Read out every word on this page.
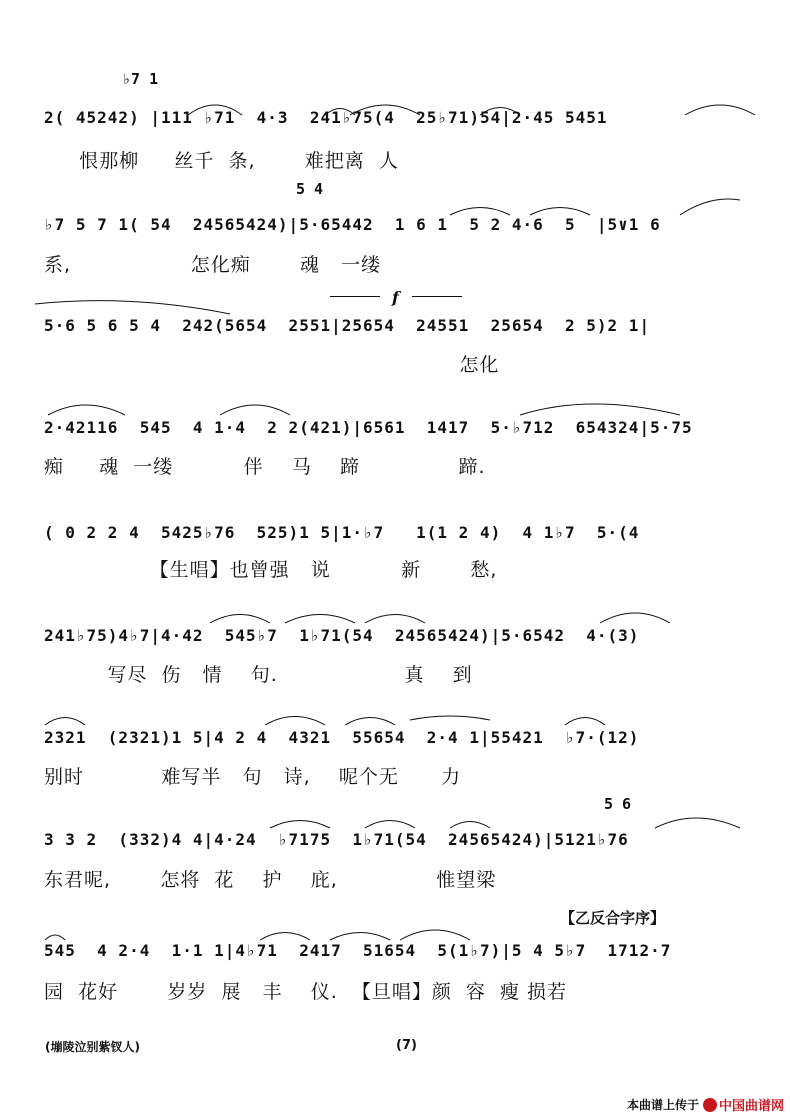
♭7 1
2( 45242) |111 ♭71  4·3  241♭75(4  25♭71)54|2·45 5451
恨那柳     丝千  条,       难把离  人
5 4
♭7 5 7 1( 54  24565424)|5·65442  1 6 1  5 2 4·6  5  |5∨1 6
系,                 怎化痴       魂   一缕
f
5·6 5 6 5 4  242(5654  2551|25654  24551  25654  2 5)2 1|
怎化
2·42116  545  4 1·4  2 2(421)|6561  1417  5·♭712  654324|5·75
痴     魂  一缕          伴    马    蹄              蹄.
( 0 2 2 4  5425♭76  525)1 5|1·♭7   1(1 2 4)  4 1♭7  5·(4
【生唱】也曾强   说          新       愁,
241♭75)4♭7|4·42  545♭7  1♭71(54  24565424)|5·6542  4·(3)
写尽  伤   情    句.                  真    到
2321  (2321)1 5|4 2 4  4321  55654  2·4 1|55421  ♭7·(12)
别时           难写半   句   诗,    呢个无      力
5 6
3 3 2  (332)4 4|4·24  ♭7175  1♭71(54  24565424)|5121♭76
东君呢,       怎将  花    护    庇,              惟望梁
【乙反合字序】
545  4 2·4  1·1 1|4♭71  2417  51654  5(1♭7)|5 4 5♭7  1712·7
园  花好       岁岁  展   丰    仪.  【旦唱】颜  容  瘦 损若
(塴陵泣别紫钗人)	(7)
本曲谱上传于 中国曲谱网
